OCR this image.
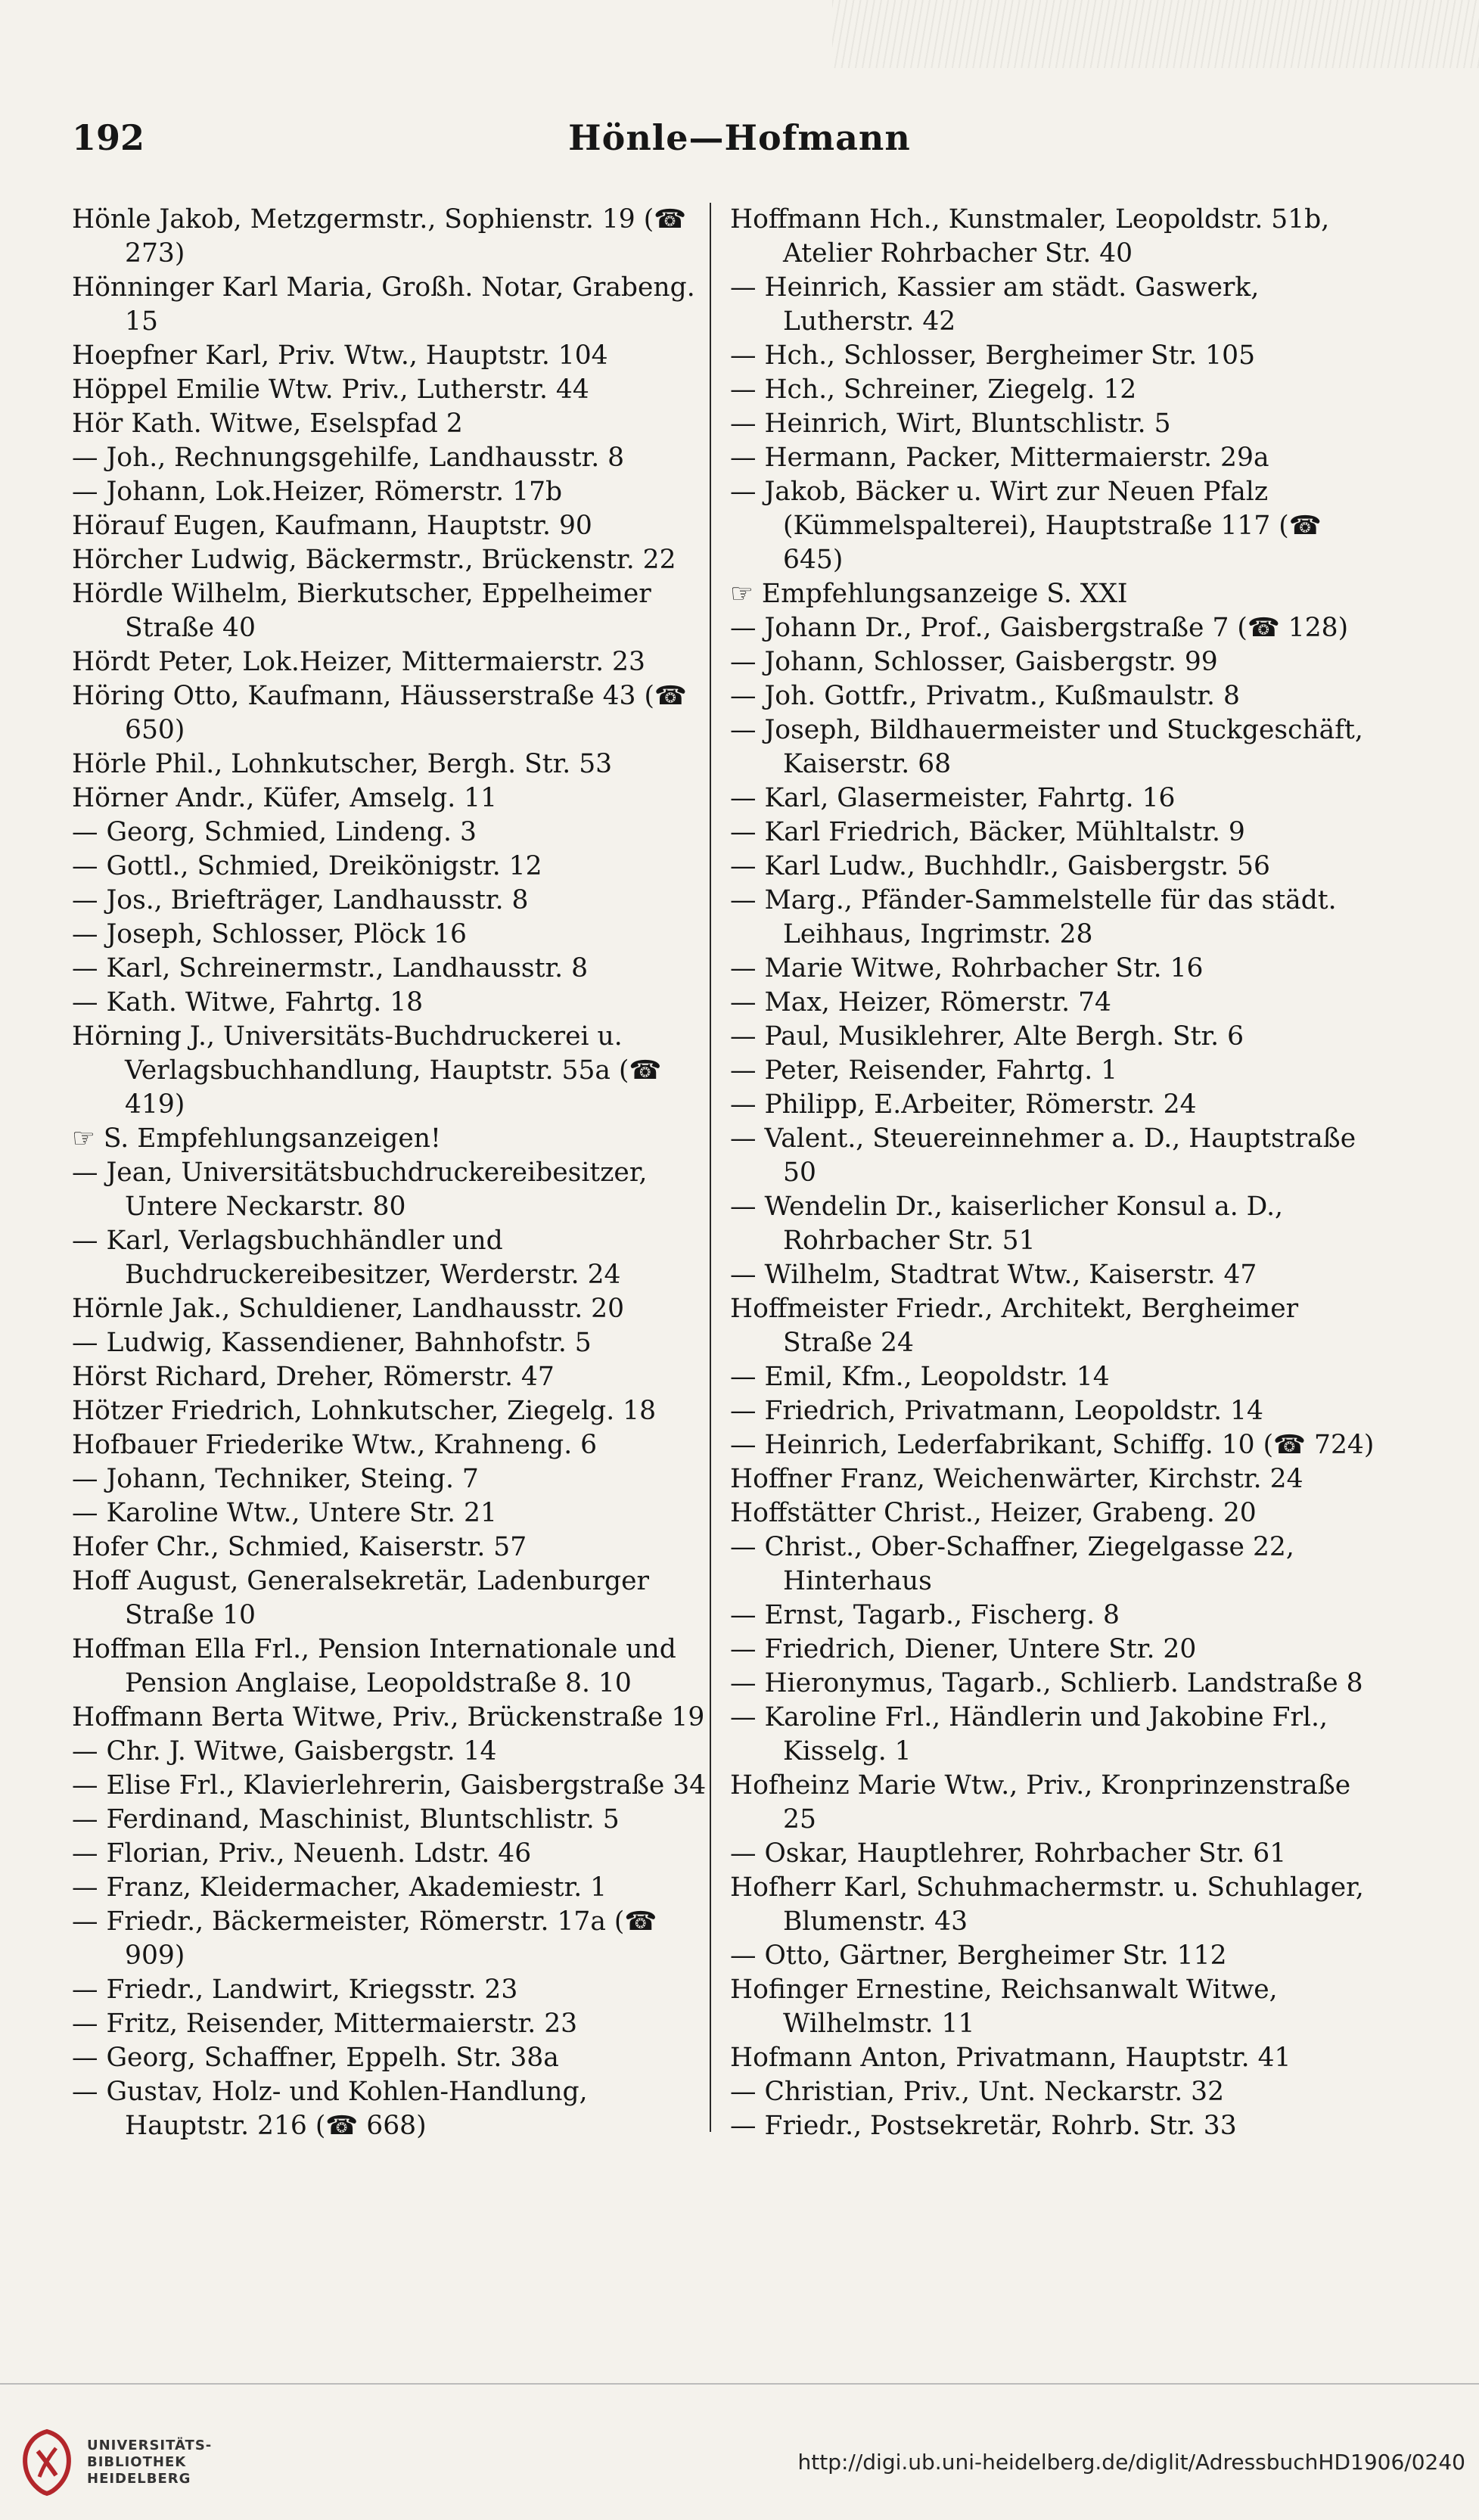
192	Hönle—Hofmann

Hönle Jakob, Metzgermstr., Sophienstr. 19 (☎ 273)

Hönninger Karl Maria, Großh. Notar, Grabeng. 15

Hoepfner Karl, Priv. Wtw., Hauptstr. 104

Höppel Emilie Wtw. Priv., Lutherstr. 44

Hör Kath. Witwe, Eselspfad 2

— Joh., Rechnungsgehilfe, Landhausstr. 8

— Johann, Lok.Heizer, Römerstr. 17b

Hörauf Eugen, Kaufmann, Hauptstr. 90

Hörcher Ludwig, Bäckermstr., Brückenstr. 22

Hördle Wilhelm, Bierkutscher, Eppelheimer Straße 40

Hördt Peter, Lok.Heizer, Mittermaierstr. 23

Höring Otto, Kaufmann, Häusserstraße 43 (☎ 650)

Hörle Phil., Lohnkutscher, Bergh. Str. 53

Hörner Andr., Küfer, Amselg. 11

— Georg, Schmied, Lindeng. 3

— Gottl., Schmied, Dreikönigstr. 12

— Jos., Briefträger, Landhausstr. 8

— Joseph, Schlosser, Plöck 16

— Karl, Schreinermstr., Landhausstr. 8

— Kath. Witwe, Fahrtg. 18

Hörning J., Universitäts-Buchdruckerei u. Verlagsbuchhandlung, Hauptstr. 55a (☎ 419)

☞ S. Empfehlungsanzeigen!

— Jean, Universitätsbuchdruckereibesitzer, Untere Neckarstr. 80

— Karl, Verlagsbuchhändler und Buchdruckereibesitzer, Werderstr. 24

Hörnle Jak., Schuldiener, Landhausstr. 20

— Ludwig, Kassendiener, Bahnhofstr. 5

Hörst Richard, Dreher, Römerstr. 47

Hötzer Friedrich, Lohnkutscher, Ziegelg. 18

Hofbauer Friederike Wtw., Krahneng. 6

— Johann, Techniker, Steing. 7

— Karoline Wtw., Untere Str. 21

Hofer Chr., Schmied, Kaiserstr. 57

Hoff August, Generalsekretär, Ladenburger Straße 10

Hoffman Ella Frl., Pension Internationale und Pension Anglaise, Leopoldstraße 8. 10

Hoffmann Berta Witwe, Priv., Brückenstraße 19

— Chr. J. Witwe, Gaisbergstr. 14

— Elise Frl., Klavierlehrerin, Gaisbergstraße 34

— Ferdinand, Maschinist, Bluntschlistr. 5

— Florian, Priv., Neuenh. Ldstr. 46

— Franz, Kleidermacher, Akademiestr. 1

— Friedr., Bäckermeister, Römerstr. 17a (☎ 909)

— Friedr., Landwirt, Kriegsstr. 23

— Fritz, Reisender, Mittermaierstr. 23

— Georg, Schaffner, Eppelh. Str. 38a

— Gustav, Holz- und Kohlen-Handlung, Hauptstr. 216 (☎ 668)

Hoffmann Hch., Kunstmaler, Leopoldstr. 51b, Atelier Rohrbacher Str. 40

— Heinrich, Kassier am städt. Gaswerk, Lutherstr. 42

— Hch., Schlosser, Bergheimer Str. 105

— Hch., Schreiner, Ziegelg. 12

— Heinrich, Wirt, Bluntschlistr. 5

— Hermann, Packer, Mittermaierstr. 29a

— Jakob, Bäcker u. Wirt zur Neuen Pfalz (Kümmelspalterei), Hauptstraße 117 (☎ 645)

☞ Empfehlungsanzeige S. XXI

— Johann Dr., Prof., Gaisbergstraße 7 (☎ 128)

— Johann, Schlosser, Gaisbergstr. 99

— Joh. Gottfr., Privatm., Kußmaulstr. 8

— Joseph, Bildhauermeister und Stuckgeschäft, Kaiserstr. 68

— Karl, Glasermeister, Fahrtg. 16

— Karl Friedrich, Bäcker, Mühltalstr. 9

— Karl Ludw., Buchhdlr., Gaisbergstr. 56

— Marg., Pfänder-Sammelstelle für das städt. Leihhaus, Ingrimstr. 28

— Marie Witwe, Rohrbacher Str. 16

— Max, Heizer, Römerstr. 74

— Paul, Musiklehrer, Alte Bergh. Str. 6

— Peter, Reisender, Fahrtg. 1

— Philipp, E.Arbeiter, Römerstr. 24

— Valent., Steuereinnehmer a. D., Hauptstraße 50

— Wendelin Dr., kaiserlicher Konsul a. D., Rohrbacher Str. 51

— Wilhelm, Stadtrat Wtw., Kaiserstr. 47

Hoffmeister Friedr., Architekt, Bergheimer Straße 24

— Emil, Kfm., Leopoldstr. 14

— Friedrich, Privatmann, Leopoldstr. 14

— Heinrich, Lederfabrikant, Schiffg. 10 (☎ 724)

Hoffner Franz, Weichenwärter, Kirchstr. 24

Hoffstätter Christ., Heizer, Grabeng. 20

— Christ., Ober-Schaffner, Ziegelgasse 22, Hinterhaus

— Ernst, Tagarb., Fischerg. 8

— Friedrich, Diener, Untere Str. 20

— Hieronymus, Tagarb., Schlierb. Landstraße 8

— Karoline Frl., Händlerin und Jakobine Frl., Kisselg. 1

Hofheinz Marie Wtw., Priv., Kronprinzenstraße 25

— Oskar, Hauptlehrer, Rohrbacher Str. 61

Hofherr Karl, Schuhmachermstr. u. Schuhlager, Blumenstr. 43

— Otto, Gärtner, Bergheimer Str. 112

Hofinger Ernestine, Reichsanwalt Witwe, Wilhelmstr. 11

Hofmann Anton, Privatmann, Hauptstr. 41

— Christian, Priv., Unt. Neckarstr. 32

— Friedr., Postsekretär, Rohrb. Str. 33

UNIVERSITÄTS-
BIBLIOTHEK
HEIDELBERG
http://digi.ub.uni-heidelberg.de/diglit/AdressbuchHD1906/0240
